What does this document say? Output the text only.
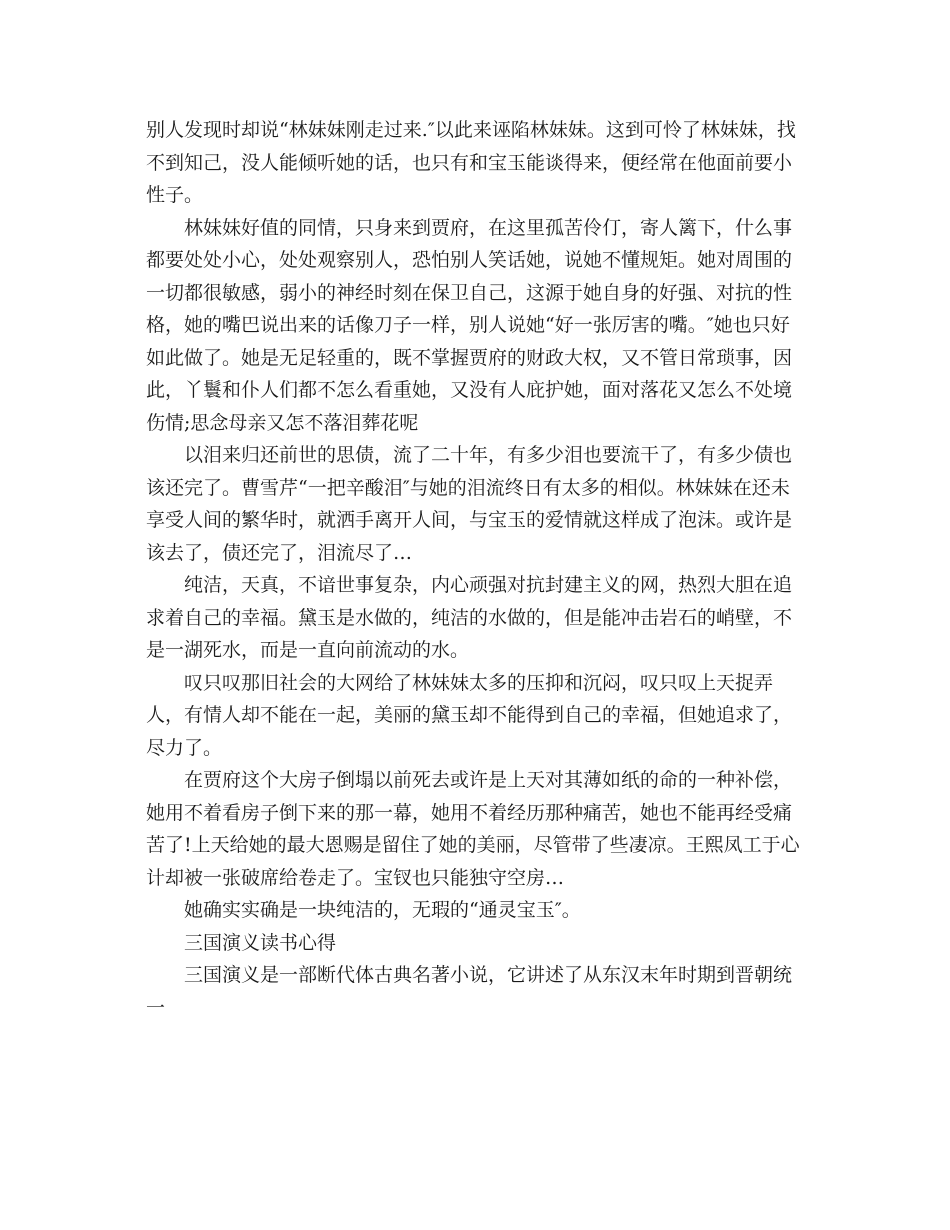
别人发现时却说“林妹妹刚走过来.″以此来诬陷林妹妹。这到可怜了林妹妹，找不到知己，没人能倾听她的话，也只有和宝玉能谈得来，便经常在他面前要小性子。

林妹妹好值的同情，只身来到贾府，在这里孤苦伶仃，寄人篱下，什么事都要处处小心，处处观察别人，恐怕别人笑话她，说她不懂规矩。她对周围的一切都很敏感，弱小的神经时刻在保卫自己，这源于她自身的好强、对抗的性格，她的嘴巴说出来的话像刀子一样，别人说她“好一张厉害的嘴。″她也只好如此做了。她是无足轻重的，既不掌握贾府的财政大权，又不管日常琐事，因此，丫鬟和仆人们都不怎么看重她，又没有人庇护她，面对落花又怎么不处境伤情;思念母亲又怎不落泪葬花呢

以泪来归还前世的思债，流了二十年，有多少泪也要流干了，有多少债也该还完了。曹雪芹“一把辛酸泪″与她的泪流终日有太多的相似。林妹妹在还未享受人间的繁华时，就洒手离开人间，与宝玉的爱情就这样成了泡沫。或许是该去了，债还完了，泪流尽了…

纯洁，天真，不谙世事复杂，内心顽强对抗封建主义的网，热烈大胆在追求着自己的幸福。黛玉是水做的，纯洁的水做的，但是能冲击岩石的峭壁，不是一湖死水，而是一直向前流动的水。

叹只叹那旧社会的大网给了林妹妹太多的压抑和沉闷，叹只叹上天捉弄人，有情人却不能在一起，美丽的黛玉却不能得到自己的幸福，但她追求了，尽力了。

在贾府这个大房子倒塌以前死去或许是上天对其薄如纸的命的一种补偿，她用不着看房子倒下来的那一幕，她用不着经历那种痛苦，她也不能再经受痛苦了!上天给她的最大恩赐是留住了她的美丽，尽管带了些凄凉。王熙凤工于心计却被一张破席给卷走了。宝钗也只能独守空房…

她确实实确是一块纯洁的，无瑕的“通灵宝玉″。

三国演义读书心得

三国演义是一部断代体古典名著小说，它讲述了从东汉末年时期到晋朝统一
